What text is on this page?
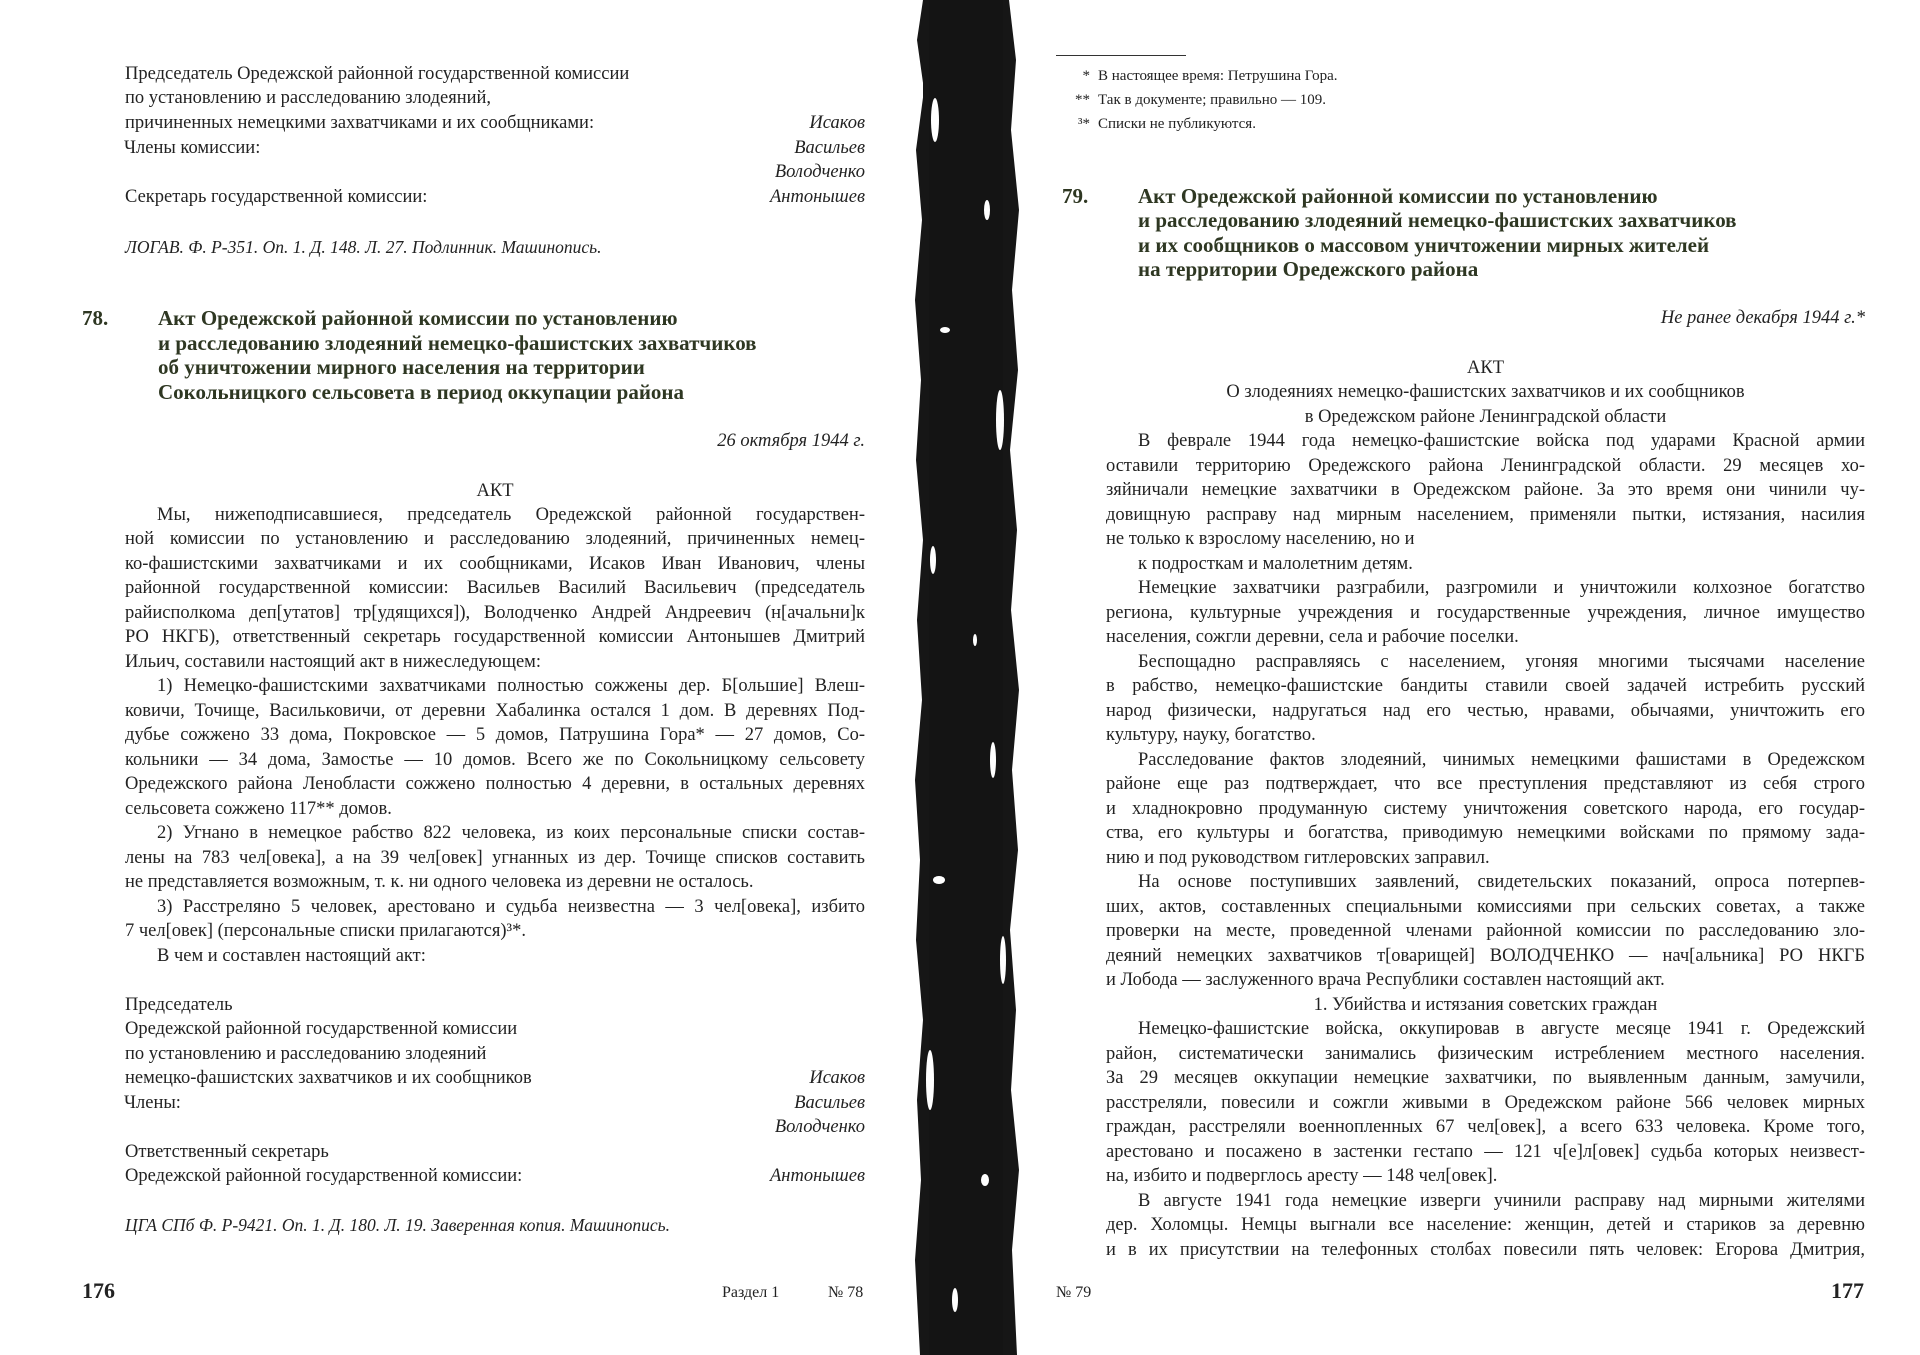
Председатель Оредежской районной государственной комиссии
по установлению и расследованию злодеяний,
причиненных немецкими захватчиками и их сообщниками:	Исаков
Члены комиссии:	Васильев
Володченко
Секретарь государственной комиссии:	Антонышев
ЛОГАВ. Ф. Р-351. Оп. 1. Д. 148. Л. 27. Подлинник. Машинопись.
78. Акт Оредежской районной комиссии по установлению
и расследованию злодеяний немецко-фашистских захватчиков
об уничтожении мирного населения на территории
Сокольницкого сельсовета в период оккупации района
26 октября 1944 г.
АКТ
Мы, нижеподписавшиеся, председатель Оредежской районной государствен-
ной комиссии по установлению и расследованию злодеяний, причиненных немец-
ко-фашистскими захватчиками и их сообщниками, Исаков Иван Иванович, члены
районной государственной комиссии: Васильев Василий Васильевич (председатель
райисполкома деп[утатов] тр[удящихся]), Володченко Андрей Андреевич (н[ачальни]к
РО НКГБ), ответственный секретарь государственной комиссии Антонышев Дмитрий
Ильич, составили настоящий акт в нижеследующем:
1) Немецко-фашистскими захватчиками полностью сожжены дер. Б[ольшие] Влеш-
ковичи, Точище, Васильковичи, от деревни Хабалинка остался 1 дом. В деревнях Под-
дубье сожжено 33 дома, Покровское — 5 домов, Патрушина Гора* — 27 домов, Со-
кольники — 34 дома, Замостье — 10 домов. Всего же по Сокольницкому сельсовету
Оредежского района Ленобласти сожжено полностью 4 деревни, в остальных деревнях
сельсовета сожжено 117** домов.
2) Угнано в немецкое рабство 822 человека, из коих персональные списки состав-
лены на 783 чел[овека], а на 39 чел[овек] угнанных из дер. Точище списков составить
не представляется возможным, т. к. ни одного человека из деревни не осталось.
3) Расстреляно 5 человек, арестовано и судьба неизвестна — 3 чел[овека], избито
7 чел[овек] (персональные списки прилагаются)³*.
В чем и составлен настоящий акт:
Председатель
Оредежской районной государственной комиссии
по установлению и расследованию злодеяний
немецко-фашистских захватчиков и их сообщников	Исаков
Члены:	Васильев
Володченко
Ответственный секретарь
Оредежской районной государственной комиссии:	Антонышев
ЦГА СПб Ф. Р-9421. Оп. 1. Д. 180. Л. 19. Заверенная копия. Машинопись.
176	Раздел 1	№ 78
* В настоящее время: Петрушина Гора.
** Так в документе; правильно — 109.
³* Списки не публикуются.
79. Акт Оредежской районной комиссии по установлению
и расследованию злодеяний немецко-фашистских захватчиков
и их сообщников о массовом уничтожении мирных жителей
на территории Оредежского района
Не ранее декабря 1944 г.*
АКТ
О злодеяниях немецко-фашистских захватчиков и их сообщников
в Оредежском районе Ленинградской области
В феврале 1944 года немецко-фашистские войска под ударами Красной армии
оставили территорию Оредежского района Ленинградской области. 29 месяцев хо-
зяйничали немецкие захватчики в Оредежском районе. За это время они чинили чу-
довищную расправу над мирным населением, применяли пытки, истязания, насилия
не только к взрослому населению, но и
к подросткам и малолетним детям.
Немецкие захватчики разграбили, разгромили и уничтожили колхозное богатство
региона, культурные учреждения и государственные учреждения, личное имущество
населения, сожгли деревни, села и рабочие поселки.
Беспощадно расправляясь с населением, угоняя многими тысячами население
в рабство, немецко-фашистские бандиты ставили своей задачей истребить русский
народ физически, надругаться над его честью, нравами, обычаями, уничтожить его
культуру, науку, богатство.
Расследование фактов злодеяний, чинимых немецкими фашистами в Оредежском
районе еще раз подтверждает, что все преступления представляют из себя строго
и хладнокровно продуманную систему уничтожения советского народа, его государ-
ства, его культуры и богатства, приводимую немецкими войсками по прямому зада-
нию и под руководством гитлеровских заправил.
На основе поступивших заявлений, свидетельских показаний, опроса потерпев-
ших, актов, составленных специальными комиссиями при сельских советах, а также
проверки на месте, проведенной членами районной комиссии по расследованию зло-
деяний немецких захватчиков т[оварищей] ВОЛОДЧЕНКО — нач[альника] РО НКГБ
и Лобода — заслуженного врача Республики составлен настоящий акт.
1. Убийства и истязания советских граждан
Немецко-фашистские войска, оккупировав в августе месяце 1941 г. Оредежский
район, систематически занимались физическим истреблением местного населения.
За 29 месяцев оккупации немецкие захватчики, по выявленным данным, замучили,
расстреляли, повесили и сожгли живыми в Оредежском районе 566 человек мирных
граждан, расстреляли военнопленных 67 чел[овек], а всего 633 человека. Кроме того,
арестовано и посажено в застенки гестапо — 121 ч[е]л[овек] судьба которых неизвест-
на, избито и подверглось аресту — 148 чел[овек].
В августе 1941 года немецкие изверги учинили расправу над мирными жителями
дер. Холомцы. Немцы выгнали все население: женщин, детей и стариков за деревню
и в их присутствии на телефонных столбах повесили пять человек: Егорова Дмитрия,
№ 79	177
